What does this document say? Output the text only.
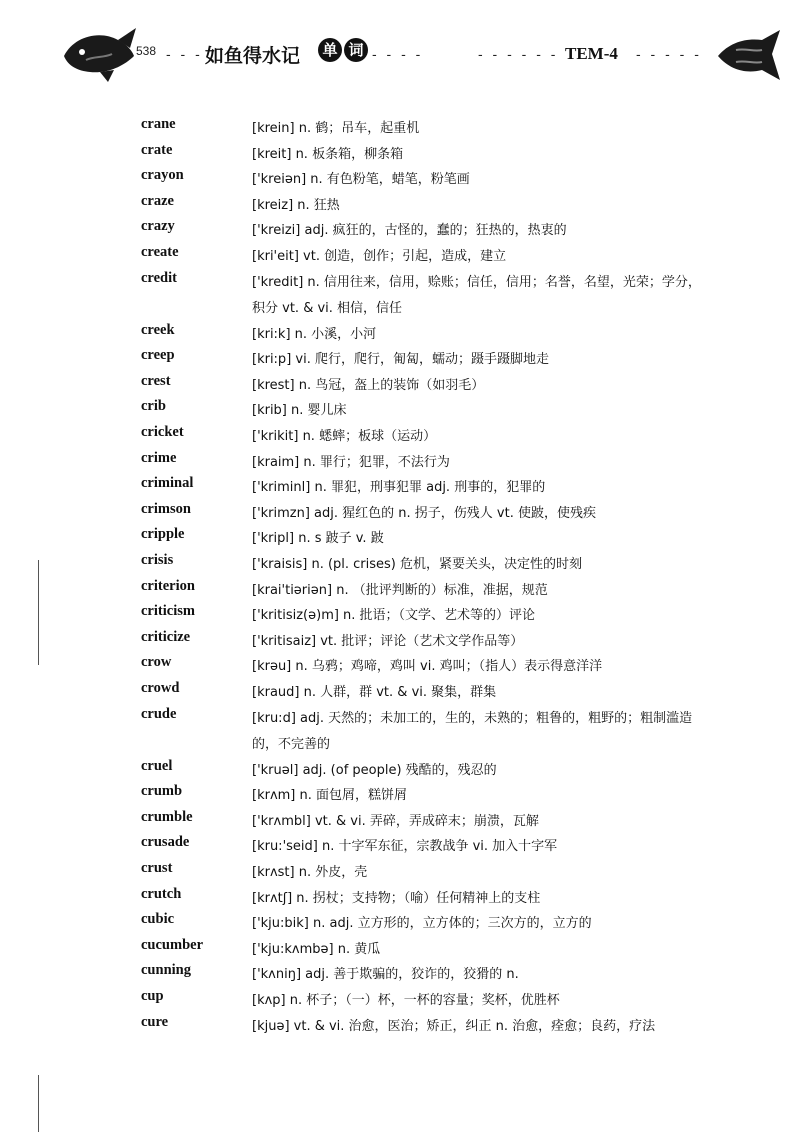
538 - - - 如鱼得水记 单 词 - - - -	- - - - - - TEM-4 - - - - -
crane	[krein] n. 鹤；吊车，起重机
crate	[kreit] n. 板条箱，柳条箱
crayon	['kreiən] n. 有色粉笔，蜡笔，粉笔画
craze	[kreiz] n. 狂热
crazy	['kreizi] adj. 疯狂的，古怪的，蠢的；狂热的，热衷的
create	[kri'eit] vt. 创造，创作；引起，造成，建立
credit	['kredit] n. 信用往来，信用，赊账；信任，信用；名誉，名望，光荣；学分，积分 vt. & vi. 相信，信任
creek	[kri:k] n. 小溪，小河
creep	[kri:p] vi. 爬行，爬行，匍匐，蠕动；蹑手蹑脚地走
crest	[krest] n. 鸟冠，盔上的装饰（如羽毛）
crib	[krib] n. 婴儿床
cricket	['krikit] n. 蟋蟀；板球（运动）
crime	[kraim] n. 罪行；犯罪，不法行为
criminal	['kriminl] n. 罪犯，刑事犯罪 adj. 刑事的，犯罪的
crimson	['krimzn] adj. 猩红色的 n. 拐子，伤残人 vt. 使跛，使残疾
cripple	['kripl] n. s 跛子 v. 跛
crisis	['kraisis] n. (pl. crises) 危机，紧要关头，决定性的时刻
criterion	[krai'tiəriən] n. （批评判断的）标准，准据，规范
criticism	['kritisiz(ə)m] n. 批语；（文学、艺术等的）评论
criticize	['kritisaiz] vt. 批评；评论（艺术文学作品等）
crow	[krəu] n. 乌鸦；鸡啼，鸡叫 vi. 鸡叫；（指人）表示得意洋洋
crowd	[kraud] n. 人群，群 vt. & vi. 聚集，群集
crude	[kru:d] adj. 天然的；未加工的，生的，未熟的；粗鲁的，粗野的；粗制滥造的，不完善的
cruel	['kruəl] adj. (of people) 残酷的，残忍的
crumb	[krʌm] n. 面包屑，糕饼屑
crumble	['krʌmbl] vt. & vi. 弄碎，弄成碎末；崩溃，瓦解
crusade	[kru:'seid] n. 十字军东征，宗教战争 vi. 加入十字军
crust	[krʌst] n. 外皮，壳
crutch	[krʌtʃ] n. 拐杖；支持物；（喻）任何精神上的支柱
cubic	['kju:bik] n. adj. 立方形的，立方体的；三次方的，立方的
cucumber	['kju:kʌmbə] n. 黄瓜
cunning	['kʌniŋ] adj. 善于欺骗的，狡诈的，狡猾的 n.
cup	[kʌp] n. 杯子；（一）杯，一杯的容量；奖杯，优胜杯
cure	[kjuə] vt. & vi. 治愈，医治；矫正，纠正 n. 治愈，痊愈；良药，疗法
